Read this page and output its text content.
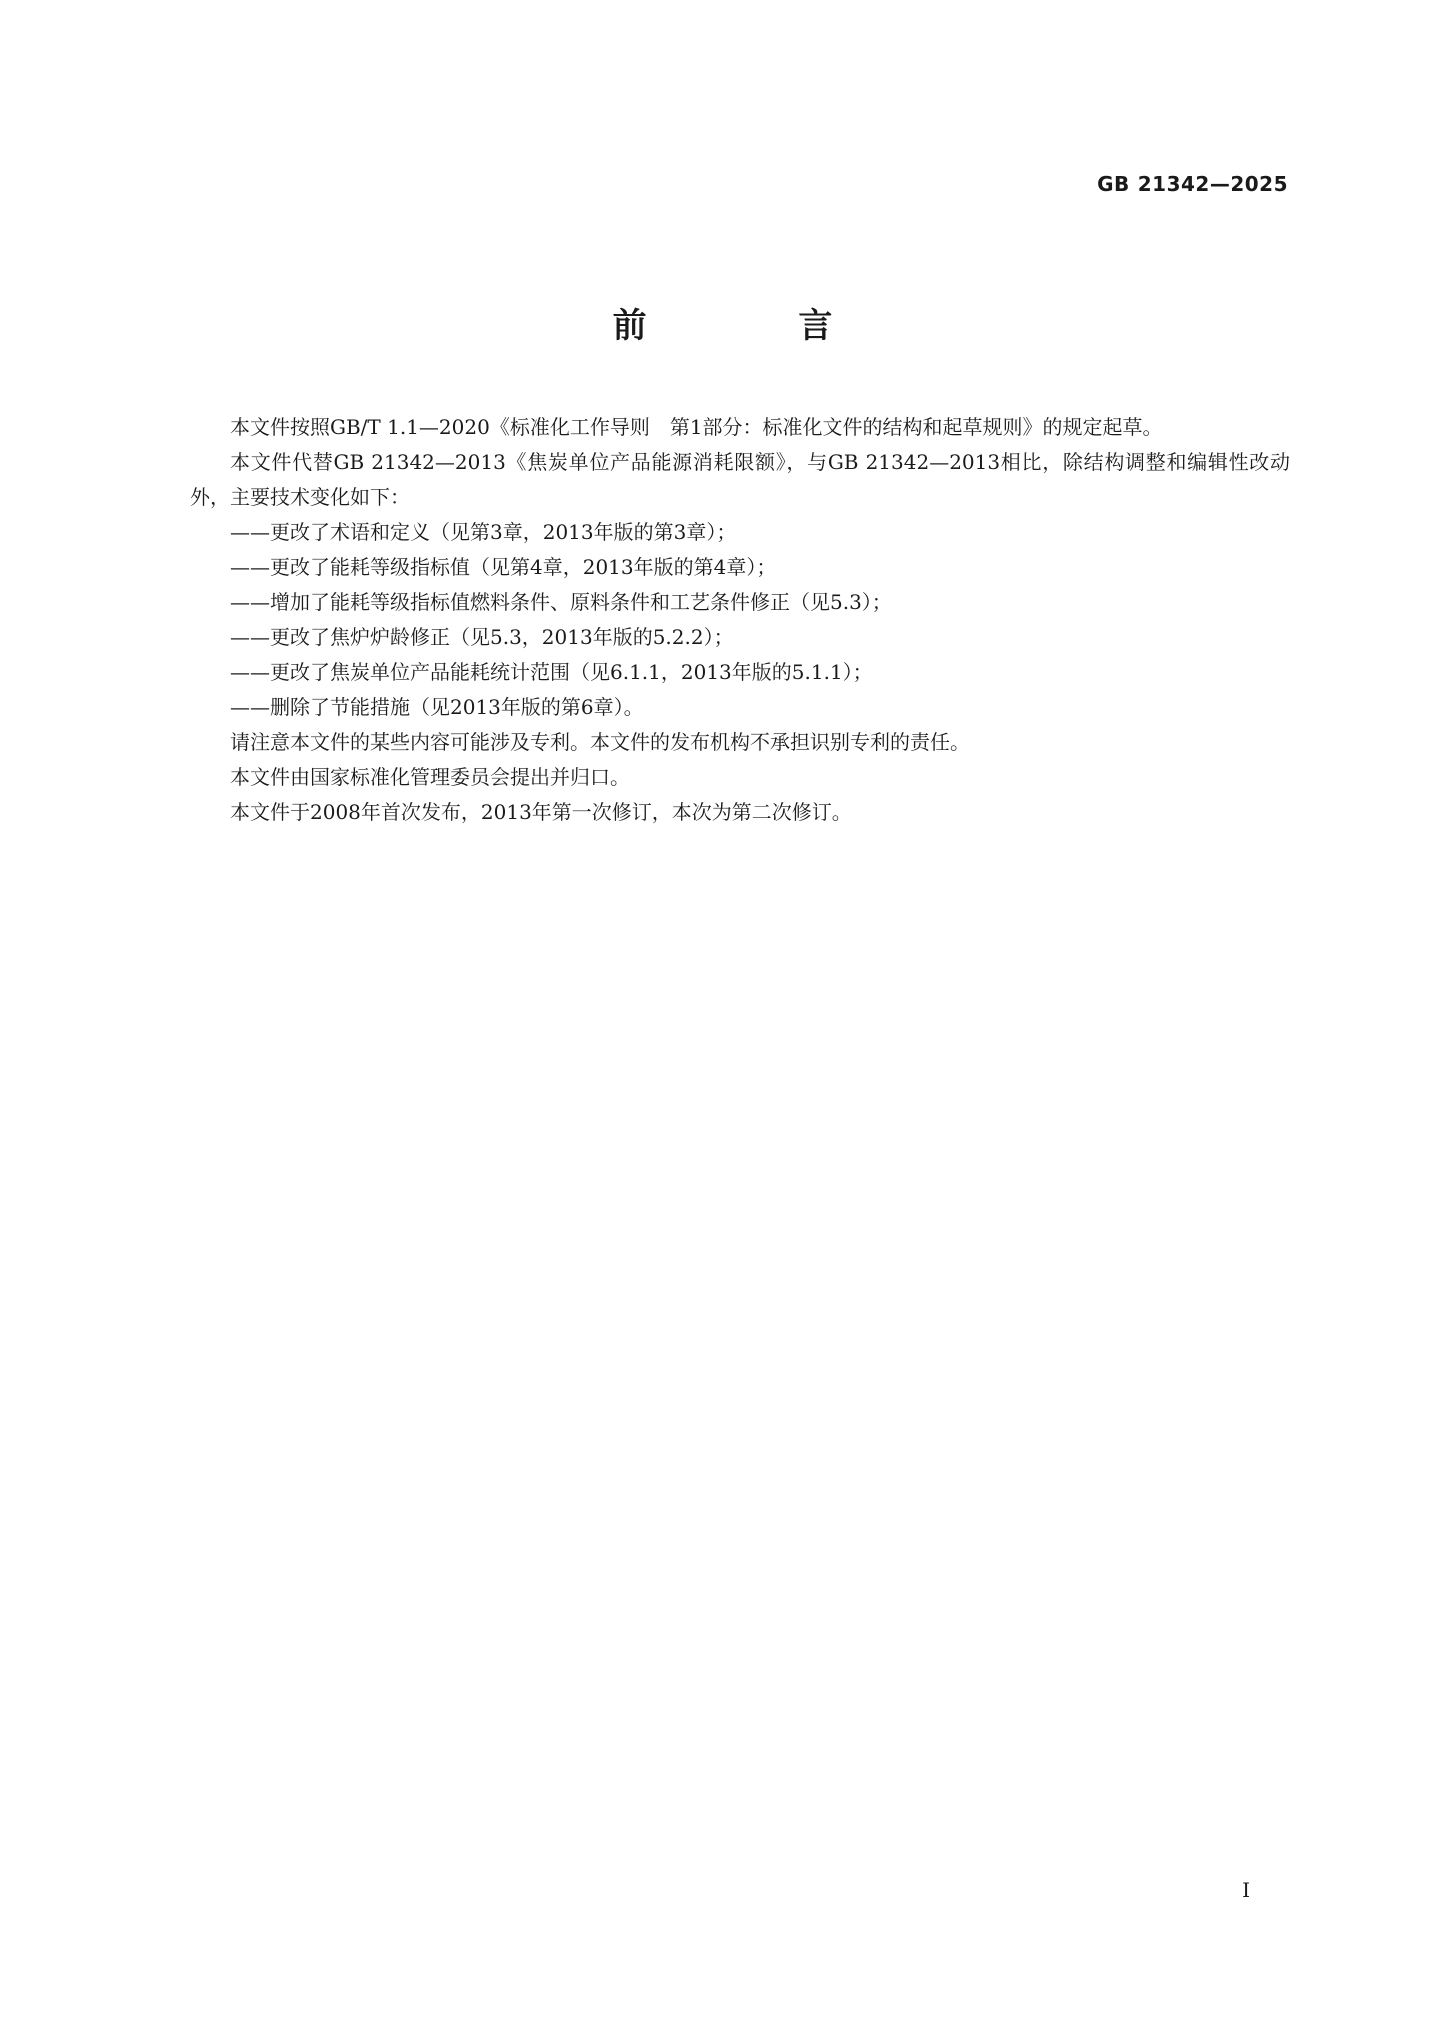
GB 21342—2025
前 言

本文件按照GB/T 1.1—2020《标准化工作导则　第1部分：标准化文件的结构和起草规则》的规定起草。

本文件代替GB 21342—2013《焦炭单位产品能源消耗限额》，与GB 21342—2013相比，除结构调整和编辑性改动外，主要技术变化如下：

——更改了术语和定义（见第3章，2013年版的第3章）；

——更改了能耗等级指标值（见第4章，2013年版的第4章）；

——增加了能耗等级指标值燃料条件、原料条件和工艺条件修正（见5.3）；

——更改了焦炉炉龄修正（见5.3，2013年版的5.2.2）；

——更改了焦炭单位产品能耗统计范围（见6.1.1，2013年版的5.1.1）；

——删除了节能措施（见2013年版的第6章）。

请注意本文件的某些内容可能涉及专利。本文件的发布机构不承担识别专利的责任。

本文件由国家标准化管理委员会提出并归口。

本文件于2008年首次发布，2013年第一次修订，本次为第二次修订。

Ⅰ
